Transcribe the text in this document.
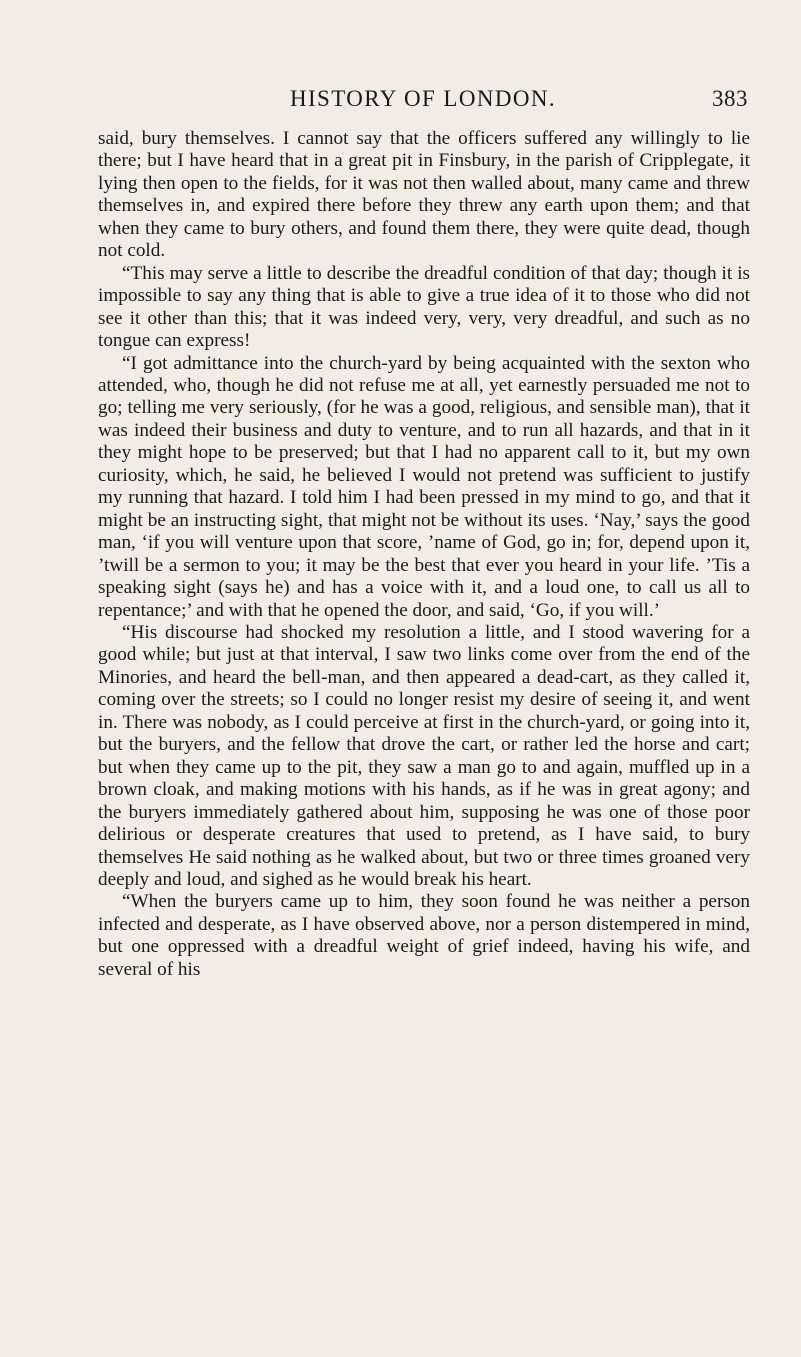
HISTORY OF LONDON.	383

said, bury themselves. I cannot say that the officers suffered any willingly to lie there; but I have heard that in a great pit in Finsbury, in the parish of Cripplegate, it lying then open to the fields, for it was not then walled about, many came and threw themselves in, and expired there before they threw any earth upon them; and that when they came to bury others, and found them there, they were quite dead, though not cold.

“This may serve a little to describe the dreadful condition of that day; though it is impossible to say any thing that is able to give a true idea of it to those who did not see it other than this; that it was indeed very, very, very dreadful, and such as no tongue can express!

“I got admittance into the church-yard by being acquainted with the sexton who attended, who, though he did not refuse me at all, yet earnestly persuaded me not to go; telling me very seriously, (for he was a good, religious, and sensible man), that it was indeed their business and duty to venture, and to run all hazards, and that in it they might hope to be preserved; but that I had no apparent call to it, but my own curiosity, which, he said, he believed I would not pretend was sufficient to justify my running that hazard. I told him I had been pressed in my mind to go, and that it might be an instructing sight, that might not be without its uses. ‘Nay,’ says the good man, ‘if you will venture upon that score, ’name of God, go in; for, depend upon it, ’twill be a sermon to you; it may be the best that ever you heard in your life. ’Tis a speaking sight (says he) and has a voice with it, and a loud one, to call us all to repentance;’ and with that he opened the door, and said, ‘Go, if you will.’

“His discourse had shocked my resolution a little, and I stood wavering for a good while; but just at that interval, I saw two links come over from the end of the Minories, and heard the bell-man, and then appeared a dead-cart, as they called it, coming over the streets; so I could no longer resist my desire of seeing it, and went in. There was nobody, as I could perceive at first in the church-yard, or going into it, but the buryers, and the fellow that drove the cart, or rather led the horse and cart; but when they came up to the pit, they saw a man go to and again, muffled up in a brown cloak, and making motions with his hands, as if he was in great agony; and the buryers immediately gathered about him, supposing he was one of those poor delirious or desperate creatures that used to pretend, as I have said, to bury themselves He said nothing as he walked about, but two or three times groaned very deeply and loud, and sighed as he would break his heart.

“When the buryers came up to him, they soon found he was neither a person infected and desperate, as I have observed above, nor a person distempered in mind, but one oppressed with a dreadful weight of grief indeed, having his wife, and several of his
